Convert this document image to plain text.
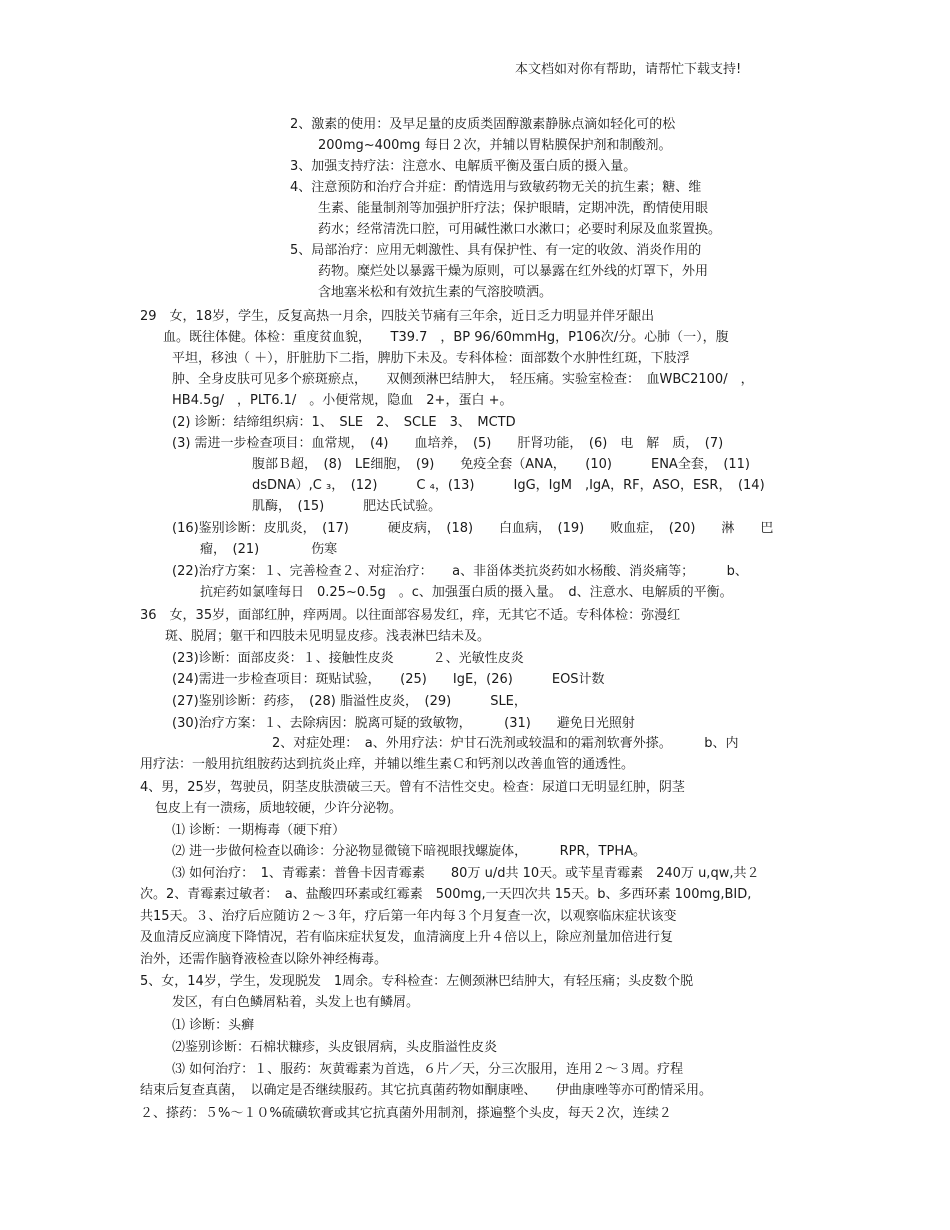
本文档如对你有帮助，请帮忙下载支持!
2、激素的使用：及早足量的皮质类固醇激素静脉点滴如轻化可的松
200mg~400mg 每日２次，并辅以胃粘膜保护剂和制酸剂。
3、加强支持疗法：注意水、电解质平衡及蛋白质的摄入量。
4、注意预防和治疗合并症：酌情选用与致敏药物无关的抗生素；糖、维
生素、能量制剂等加强护肝疗法；保护眼睛，定期冲洗，酌情使用眼
药水；经常清洗口腔，可用碱性漱口水漱口；必要时利尿及血浆置换。
5、局部治疗：应用无刺激性、具有保护性、有一定的收敛、消炎作用的
药物。糜烂处以暴露干燥为原则，可以暴露在红外线的灯罩下，外用
含地塞米松和有效抗生素的气溶胶喷洒。
29　女，18岁，学生，反复高热一月余，四肢关节痛有三年余，近日乏力明显并伴牙龈出
血。既往体健。体检：重度贫血貌，　　T39.7　，BP 96/60mmHg，P106次/分。心肺（一），腹
平坦，移浊（ ＋），肝脏肋下二指，脾肋下未及。专科体检：面部数个水肿性红斑，下肢浮
肿、全身皮肤可见多个瘀斑瘀点，　　双侧颈淋巴结肿大，　轻压痛。实验室检查：　血WBC2100/　，
HB4.5g/　，PLT6.1/　。小便常规，隐血　2+，蛋白 +。
(2) 诊断：结缔组织病：1、　SLE　2、　SCLE　3、　MCTD
(3) 需进一步检查项目：血常规，　(4)　　血培养，　(5)　　肝肾功能，　(6)　电　解　质，　(7)
腹部Ｂ超，　(8)　LE细胞，　(9)　　免疫全套（ANA，　　(10)　　　ENA全套，　(11)
dsDNA）,C ₃，　(12)　　　C ₄，(13)　　　IgG，IgM　,IgA，RF，ASO，ESR，　(14)
肌酶，　(15)　　　肥达氏试验。
(16)鉴别诊断：皮肌炎，　(17)　　　硬皮病，　(18)　　白血病，　(19)　　败血症，　(20)　　淋　　巴
瘤，　(21)　　　　伤寒
(22)治疗方案：１、完善检查２、对症治疗：　　a、非甾体类抗炎药如水杨酸、消炎痛等；　　　b、
抗疟药如氯喹每日　0.25~0.5g　。c、加强蛋白质的摄入量。　d、注意水、电解质的平衡。
36　女，35岁，面部红肿，痒两周。以往面部容易发红，痒，无其它不适。专科体检：弥漫红
斑、脱屑；躯干和四肢未见明显皮疹。浅表淋巴结未及。
(23)诊断：面部皮炎：１、接触性皮炎　　　２、光敏性皮炎
(24)需进一步检查项目：斑贴试验，　　(25)　　IgE，(26)　　　EOS计数
(27)鉴别诊断：药疹，　(28) 脂溢性皮炎，　(29)　　　SLE，
(30)治疗方案：１、去除病因：脱离可疑的致敏物，　　　(31)　　避免日光照射
2、对症处理：　a、外用疗法：炉甘石洗剂或较温和的霜剂软膏外搽。　　　b、内
用疗法：一般用抗组胺药达到抗炎止痒，并辅以维生素Ｃ和钙剂以改善血管的通透性。
4、男，25岁，驾驶员，阴茎皮肤溃破三天。曾有不洁性交史。检查：尿道口无明显红肿，阴茎
包皮上有一溃疡，质地较硬，少许分泌物。
⑴ 诊断：一期梅毒（硬下疳）
⑵ 进一步做何检查以确诊：分泌物显微镜下暗视眼找螺旋体，　　　RPR，TPHA。
⑶ 如何治疗：　1、青霉素：普鲁卡因青霉素　　80万 u/d共 10天。或苄星青霉素　240万 u,qw,共２
次。2、青霉素过敏者：　a、盐酸四环素或红霉素　500mg,一天四次共 15天。b、多西环素 100mg,BID,
共15天。３、治疗后应随访２～３年，疗后第一年内每３个月复查一次，以观察临床症状该变
及血清反应滴度下降情况，若有临床症状复发，血清滴度上升４倍以上，除应剂量加倍进行复
治外，还需作脑脊液检查以除外神经梅毒。
5、女，14岁，学生，发现脱发　1周余。专科检查：左侧颈淋巴结肿大，有轻压痛；头皮数个脱
发区，有白色鳞屑粘着，头发上也有鳞屑。
⑴ 诊断：头癣
⑵鉴别诊断：石棉状糠疹，头皮银屑病，头皮脂溢性皮炎
⑶ 如何治疗：１、服药：灰黄霉素为首选，６片／天，分三次服用，连用２～３周。疗程
结束后复查真菌，　以确定是否继续服药。其它抗真菌药物如酮康唑、　　伊曲康唑等亦可酌情采用。
２、搽药：５%～１０%硫磺软膏或其它抗真菌外用制剂，搽遍整个头皮，每天２次，连续２
